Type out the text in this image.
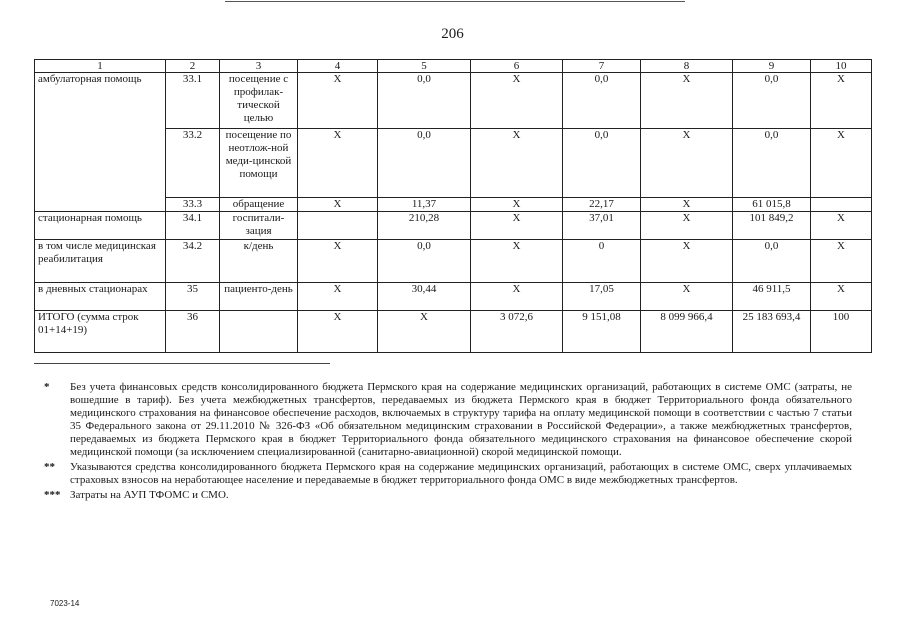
206
1	2	3	4	5	6	7	8	9	10
амбулаторная помощь	33.1	посещение с профилак-тической целью	Х	0,0	Х	0,0	Х	0,0	Х
	33.2	посещение по неотлож-ной меди-цинской помощи	Х	0,0	Х	0,0	Х	0,0	Х
	33.3	обращение	Х	11,37	Х	22,17	Х	61 015,8	
стационарная помощь	34.1	госпитали-зация		210,28	Х	37,01	Х	101 849,2	Х
в том числе медицинская реабилитация	34.2	к/день	Х	0,0	Х	0	Х	0,0	Х
в дневных стационарах	35	пациенто-день	Х	30,44	Х	17,05	Х	46 911,5	Х
ИТОГО (сумма строк 01+14+19)	36		Х	Х	3 072,6	9 151,08	8 099 966,4	25 183 693,4	100
*	Без учета финансовых средств консолидированного бюджета Пермского края на содержание медицинских организаций, работающих в системе ОМС (затраты, не вошедшие в тариф). Без учета межбюджетных трансфертов, передаваемых из бюджета Пермского края в бюджет Территориального фонда обязательного медицинского страхования на финансовое обеспечение расходов, включаемых в структуру тарифа на оплату медицинской помощи в соответствии с частью 7 статьи 35 Федерального закона от 29.11.2010 № 326-ФЗ «Об обязательном медицинским страховании в Российской Федерации», а также межбюджетных трансфертов, передаваемых из бюджета Пермского края в бюджет Территориального фонда обязательного медицинского страхования на финансовое обеспечение скорой медицинской помощи (за исключением специализированной (санитарно-авиационной) скорой медицинской помощи.
**	Указываются средства консолидированного бюджета Пермского края на содержание медицинских организаций, работающих в системе ОМС, сверх уплачиваемых страховых взносов на неработающее население и передаваемые в бюджет территориального фонда ОМС в виде межбюджетных трансфертов.
*** Затраты на АУП ТФОМС и СМО.
7023-14
